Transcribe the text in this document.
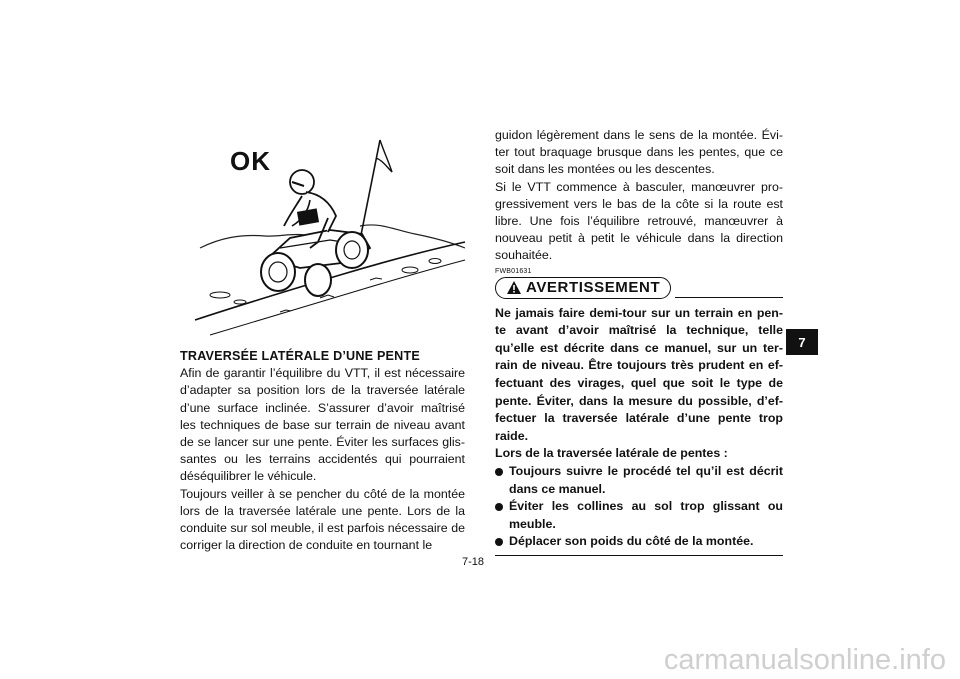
OK

TRAVERSÉE LATÉRALE D’UNE PENTE

Afin de garantir l’équilibre du VTT, il est nécessaire d’adapter sa position lors de la traversée latérale d’une surface inclinée. S’assurer d’avoir maîtrisé les techniques de base sur terrain de niveau avant de se lancer sur une pente. Éviter les surfaces glis-santes ou les terrains accidentés qui pourraient déséquilibrer le véhicule.

Toujours veiller à se pencher du côté de la montée lors de la traversée latérale une pente. Lors de la conduite sur sol meuble, il est parfois nécessaire de corriger la direction de conduite en tournant le

guidon légèrement dans le sens de la montée. Évi-ter tout braquage brusque dans les pentes, que ce soit dans les montées ou les descentes.

Si le VTT commence à basculer, manœuvrer pro-gressivement vers le bas de la côte si la route est libre. Une fois l’équilibre retrouvé, manœuvrer à nouveau petit à petit le véhicule dans la direction souhaitée.

FWB01631
AVERTISSEMENT

Ne jamais faire demi-tour sur un terrain en pen-te avant d’avoir maîtrisé la technique, telle qu’elle est décrite dans ce manuel, sur un ter-rain de niveau. Être toujours très prudent en ef-fectuant des virages, quel que soit le type de pente. Éviter, dans la mesure du possible, d’ef-fectuer la traversée latérale d’une pente trop raide.

Lors de la traversée latérale de pentes :

Toujours suivre le procédé tel qu’il est décrit dans ce manuel.
Éviter les collines au sol trop glissant ou meuble.
Déplacer son poids du côté de la montée.
7
7-18
carmanualsonline.info
